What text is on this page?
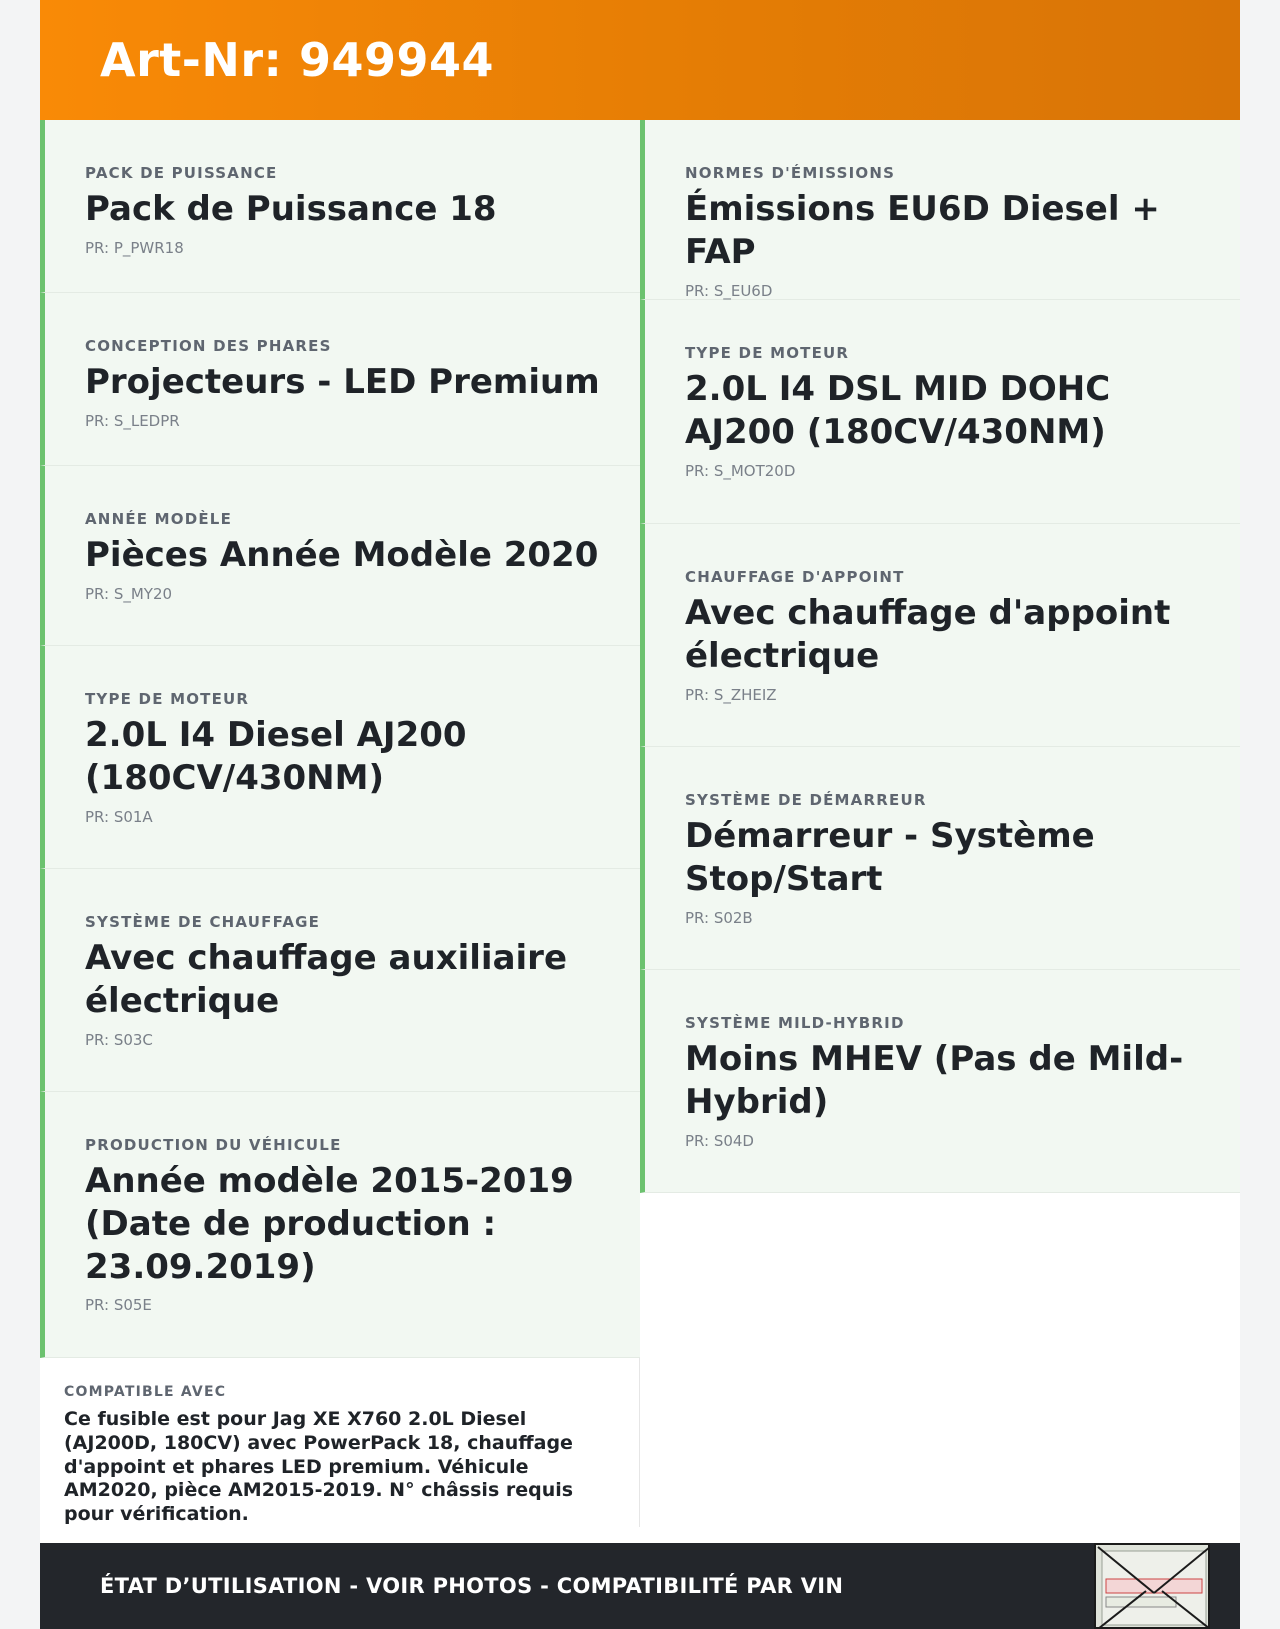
Art-Nr: 949944
PACK DE PUISSANCE
Pack de Puissance 18
PR: P_PWR18
CONCEPTION DES PHARES
Projecteurs - LED Premium
PR: S_LEDPR
ANNÉE MODÈLE
Pièces Année Modèle 2020
PR: S_MY20
TYPE DE MOTEUR
2.0L I4 Diesel AJ200 (180CV/430NM)
PR: S01A
SYSTÈME DE CHAUFFAGE
Avec chauffage auxiliaire électrique
PR: S03C
PRODUCTION DU VÉHICULE
Année modèle 2015-2019 (Date de production : 23.09.2019)
PR: S05E
COMPATIBLE AVEC
Ce fusible est pour Jag XE X760 2.0L Diesel (AJ200D, 180CV) avec PowerPack 18, chauffage d'appoint et phares LED premium. Véhicule AM2020, pièce AM2015-2019. N° châssis requis pour vérification.
NORMES D'ÉMISSIONS
Émissions EU6D Diesel + FAP
PR: S_EU6D
TYPE DE MOTEUR
2.0L I4 DSL MID DOHC AJ200 (180CV/430NM)
PR: S_MOT20D
CHAUFFAGE D'APPOINT
Avec chauffage d'appoint électrique
PR: S_ZHEIZ
SYSTÈME DE DÉMARREUR
Démarreur - Système Stop/Start
PR: S02B
SYSTÈME MILD-HYBRID
Moins MHEV (Pas de Mild-Hybrid)
PR: S04D
ÉTAT D’UTILISATION - VOIR PHOTOS - COMPATIBILITÉ PAR VIN
